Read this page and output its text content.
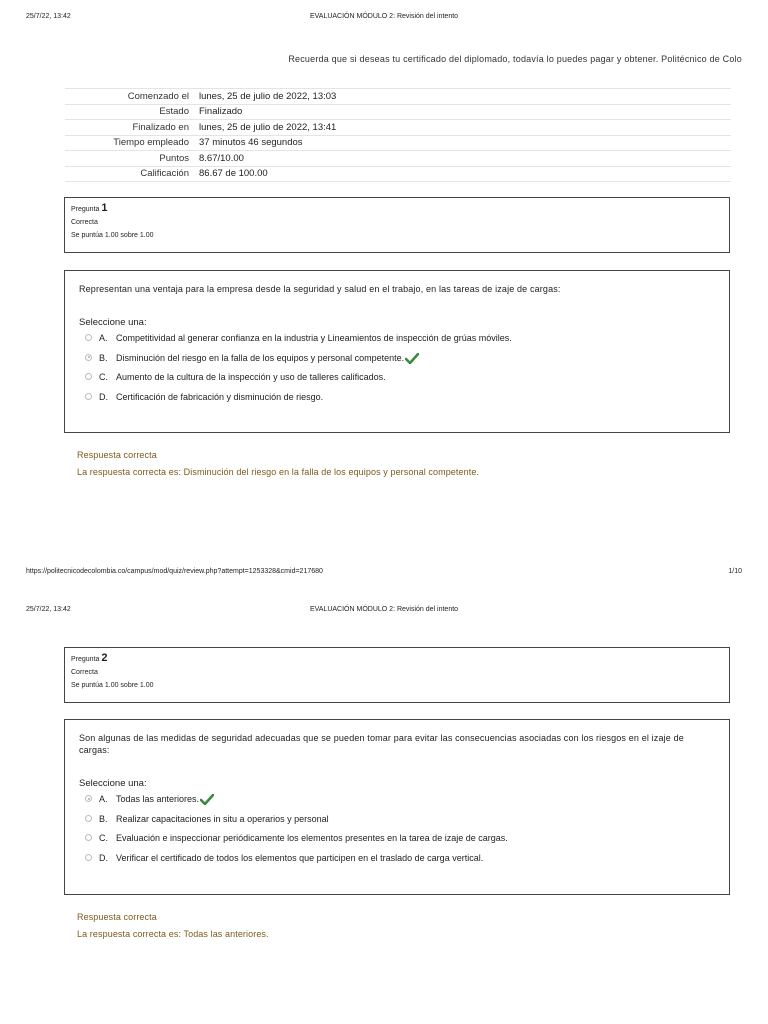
25/7/22, 13:42	EVALUACIÓN MÓDULO 2: Revisión del intento
Recuerda que si deseas tu certificado del diplomado, todavía lo puedes pagar y obtener. Politécnico de Colo
Comenzado el	lunes, 25 de julio de 2022, 13:03
Estado	Finalizado
Finalizado en	lunes, 25 de julio de 2022, 13:41
Tiempo empleado	37 minutos 46 segundos
Puntos	8.67/10.00
Calificación	86.67 de 100.00
Pregunta 1
Correcta
Se puntúa 1.00 sobre 1.00
Representan una ventaja para la empresa desde la seguridad y salud en el trabajo, en las tareas de izaje de cargas:
Seleccione una:
A. Competitividad al generar confianza en la industria y Lineamientos de inspección de grúas móviles.
B. Disminución del riesgo en la falla de los equipos y personal competente.
C. Aumento de la cultura de la inspección y uso de talleres calificados.
D. Certificación de fabricación y disminución de riesgo.
Respuesta correcta
La respuesta correcta es: Disminución del riesgo en la falla de los equipos y personal competente.
https://politecnicodecolombia.co/campus/mod/quiz/review.php?attempt=1253328&cmid=217680	1/10
25/7/22, 13:42	EVALUACIÓN MÓDULO 2: Revisión del intento
Pregunta 2
Correcta
Se puntúa 1.00 sobre 1.00
Son algunas de las medidas de seguridad adecuadas que se pueden tomar para evitar las consecuencias asociadas con los riesgos en el izaje de cargas:
Seleccione una:
A. Todas las anteriores.
B. Realizar capacitaciones in situ a operarios y personal
C. Evaluación e inspeccionar periódicamente los elementos presentes en la tarea de izaje de cargas.
D. Verificar el certificado de todos los elementos que participen en el traslado de carga vertical.
Respuesta correcta
La respuesta correcta es: Todas las anteriores.
